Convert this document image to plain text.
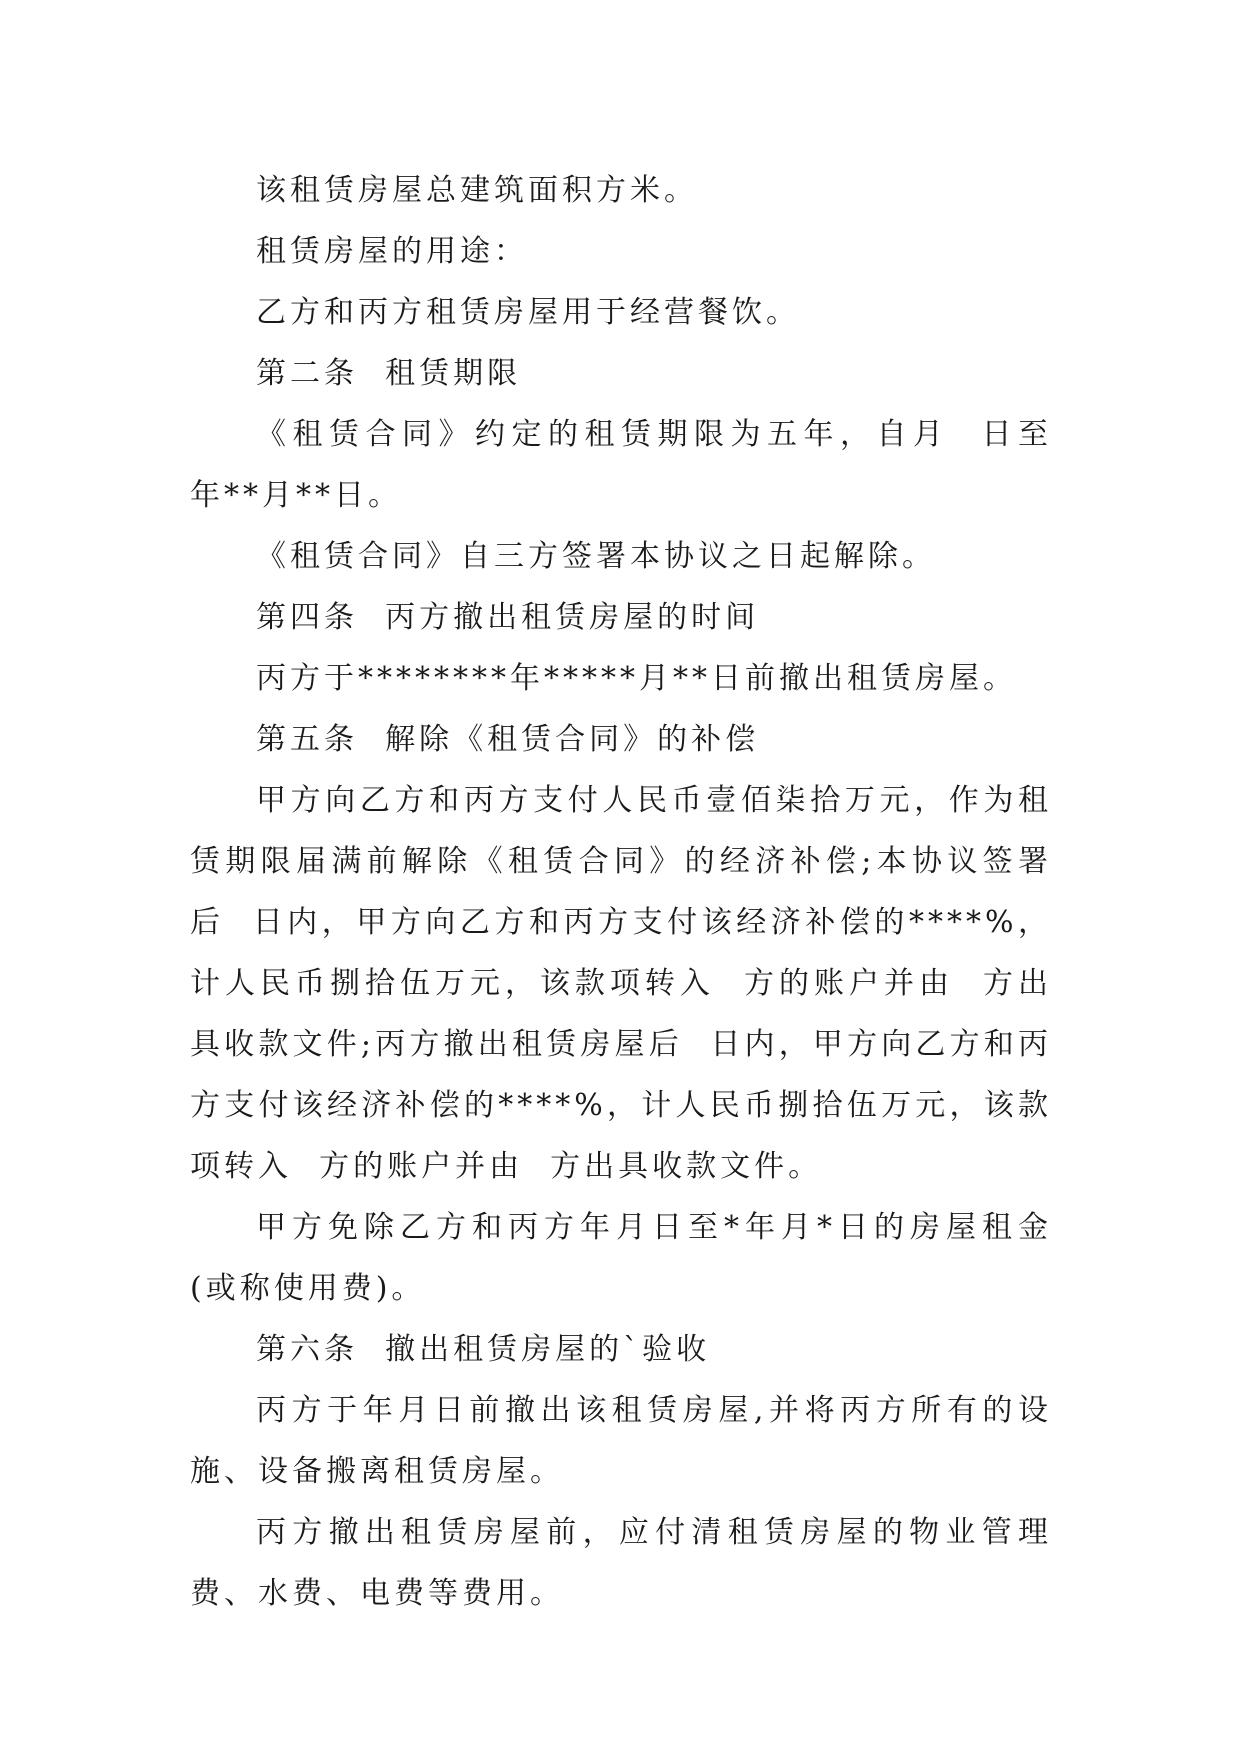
该租赁房屋总建筑面积方米。

租赁房屋的用途：

乙方和丙方租赁房屋用于经营餐饮。

第二条  租赁期限

《租赁合同》约定的租赁期限为五年，自月  日至  年**月**日。

《租赁合同》自三方签署本协议之日起解除。

第四条  丙方撤出租赁房屋的时间

丙方于********年*****月**日前撤出租赁房屋。

第五条  解除《租赁合同》的补偿

甲方向乙方和丙方支付人民币壹佰柒拾万元，作为租赁期限届满前解除《租赁合同》的经济补偿;本协议签署后  日内，甲方向乙方和丙方支付该经济补偿的****%，计人民币捌拾伍万元，该款项转入  方的账户并由  方出具收款文件;丙方撤出租赁房屋后  日内，甲方向乙方和丙方支付该经济补偿的****%，计人民币捌拾伍万元，该款项转入  方的账户并由  方出具收款文件。

甲方免除乙方和丙方年月日至*年月*日的房屋租金(或称使用费)。

第六条  撤出租赁房屋的`验收

丙方于年月日前撤出该租赁房屋,并将丙方所有的设施、设备搬离租赁房屋。

丙方撤出租赁房屋前，应付清租赁房屋的物业管理费、水费、电费等费用。
